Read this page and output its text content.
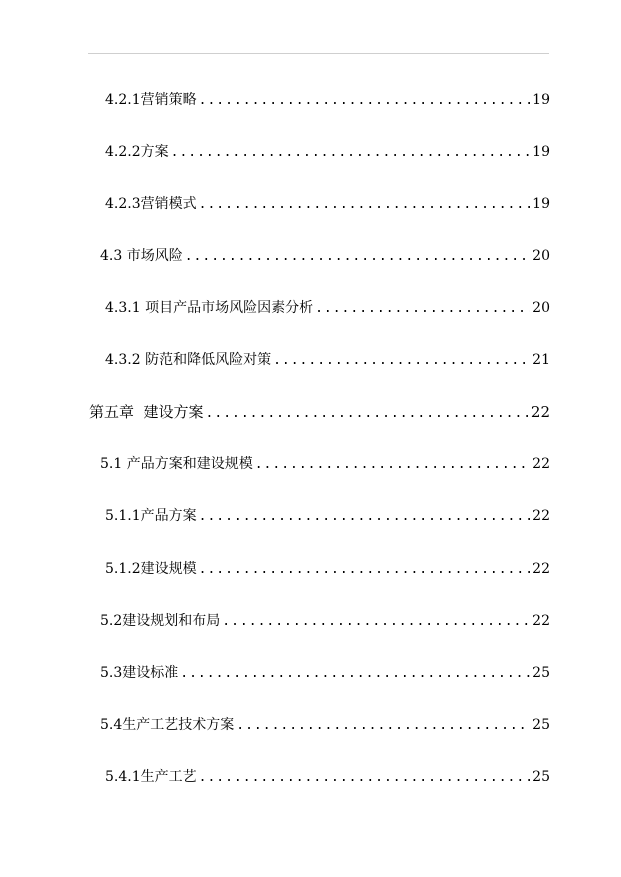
4.2.1营销策略 .....	19
4.2.2方案 .....	19
4.2.3营销模式 .....	19
4.3 市场风险 .....	20
4.3.1 项目产品市场风险因素分析 .....	20
4.3.2 防范和降低风险对策 .....	21
第五章  建设方案 .....	22
5.1 产品方案和建设规模 .....	22
5.1.1产品方案 .....	22
5.1.2建设规模 .....	22
5.2建设规划和布局 .....	22
5.3建设标准 .....	25
5.4生产工艺技术方案 .....	25
5.4.1生产工艺 .....	25
